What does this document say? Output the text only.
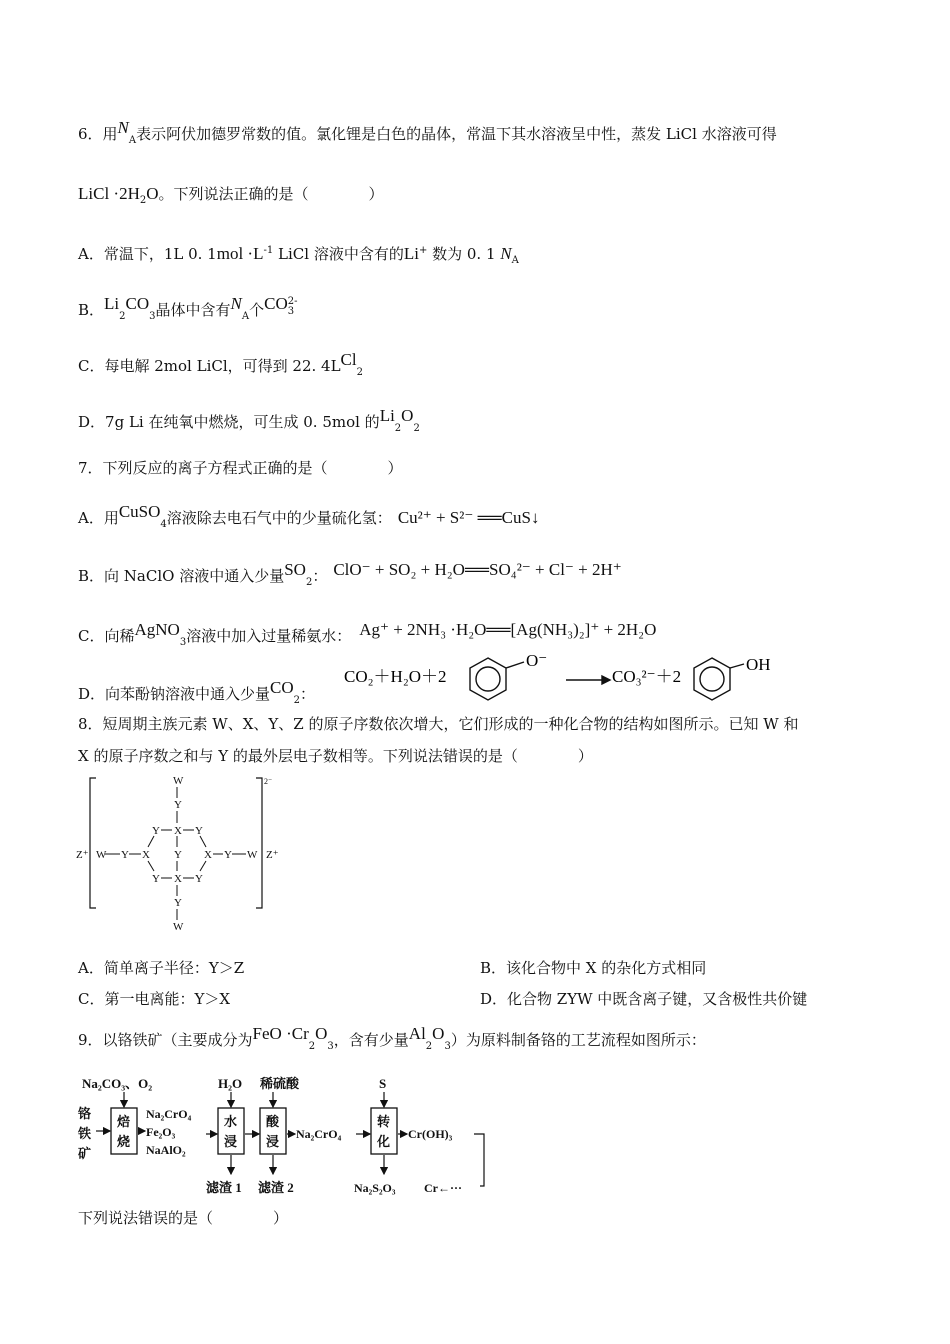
6．用$N_A$表示阿伏加德罗常数的值。氯化锂是白色的晶体，常温下其水溶液呈中性，蒸发 LiCl 水溶液可得
LiCl $\cdot 2H_2O$。下列说法正确的是（　　　　）
A．常温下，1L 0. $1mol \cdot L^{-1}$ LiCl 溶液中含有的Li+ 数为 0. 1 $N_A$
B．$Li_2CO_3$晶体中含有$N_A$个CO 2-
3
C．每电解 2mol LiCl，可得到 22. 4LCl$_2$
D．7g Li 在纯氧中燃烧，可生成 0. 5mol 的$Li_2O_2$
7．下列反应的离子方程式正确的是（　　　　）
A．用CuSO$_4$溶液除去电石气中的少量硫化氢： Cu²⁺ + S²⁻ ══CuS↓
B．向 NaClO 溶液中通入少量$SO_2$： ClO⁻ + SO₂ + H₂O══SO₄²⁻ + Cl⁻ + 2H⁺
C．向稀AgNO$_3$溶液中加入过量稀氨水： Ag⁺ + 2NH₃ ·H₂O══[Ag(NH₃)₂]⁺ + 2H₂O
D．向苯酚钠溶液中通入少量$CO_2$：
CO₂＋H₂O＋2
O⁻
CO₃²⁻＋2
OH
8．短周期主族元素 W、X、Y、Z 的原子序数依次增大，它们形成的一种化合物的结构如图所示。已知 W 和
X 的原子序数之和与 Y 的最外层电子数相等。下列说法错误的是（　　　　）
W
Y
Y X Y
W Y X Y X Y W
Y X Y
Y
W
Z⁺	Z⁺
2⁻
A．简单离子半径：Y＞Z	B．该化合物中 X 的杂化方式相同
C．第一电离能：Y＞X	D．化合物 ZYW 中既含离子键，又含极性共价键
9．以铬铁矿（主要成分为FeO $\cdot Cr_2O_3$，含有少量$Al_2O_3$）为原料制备铬的工艺流程如图所示：
Na₂CO₃、O₂	H₂O 稀硫酸	S
铬
铁
矿
焙
烧
水
浸
酸
浸
转
化
Na₂CrO₄
Fe₂O₃
NaAlO₂
Na₂CrO₄	Cr(OH)₃
滤渣 1 滤渣 2	Na₂S₂O₃ Cr←···
下列说法错误的是（　　　　）
